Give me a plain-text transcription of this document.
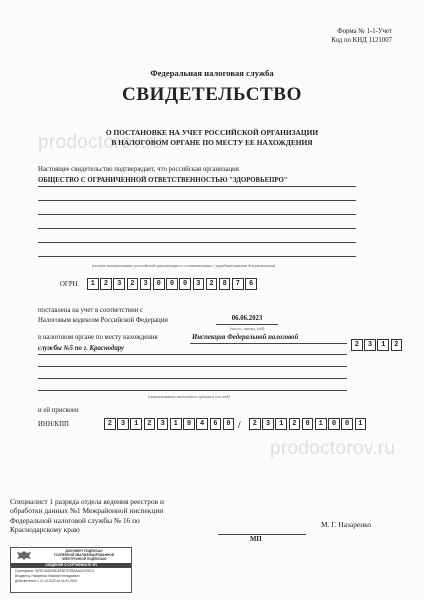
prodoctorov.ru
prodoctorov.ru
Форма № 1-1-Учет
Код по КНД 1121007
Федеральная налоговая служба
СВИДЕТЕЛЬСТВО
О ПОСТАНОВКЕ НА УЧЕТ РОССИЙСКОЙ ОРГАНИЗАЦИИ
В НАЛОГОВОМ ОРГАНЕ ПО МЕСТУ ЕЕ НАХОЖДЕНИЯ
Настоящее свидетельство подтверждает, что российская организация
ОБЩЕСТВО С ОГРАНИЧЕННОЙ ОТВЕТСТВЕННОСТЬЮ "ЗДОРОВЬЕПРО"
(полное наименование российской организации в соответствии с учредительными документами)
ОГРН	1	2	3	2	3	0	0	0	3	2	8	7	6
поставлена на учет в соответствии с
Налоговым кодексом Российской Федерации	06.06.2023
(число, месяц, год)
в налоговом органе по месту нахождения	Инспекция Федеральной налоговой
службы №5 по г. Краснодару	2	3	1	2
(наименование налогового органа и его код)
и ей присвоен
ИНН/КПП	2	3	1	2	3	1	9	4	6	0 /	2	3	1	2	0	1	0	0	1
Специалист 1 разряда отдела ведения реестров и
обработки данных №1 Межрайонной инспекции
Федеральной налоговой службы № 16 по
Краснодарскому краю
М. Г. Назаренко
МП
ДОКУМЕНТ ПОДПИСАН
УСИЛЕННОЙ КВАЛИФИЦИРОВАННОЙ
ЭЛЕКТРОННОЙ ПОДПИСЬЮ
СВЕДЕНИЯ О СЕРТИФИКАТЕ ЭП
Сертификат: 01F6C3A8003DAF5E7E3B2A4A21976C3
Владелец: Назаренко Максим Геннадьевич
Действителен: с 11.10.2022 по 04.01.2024
